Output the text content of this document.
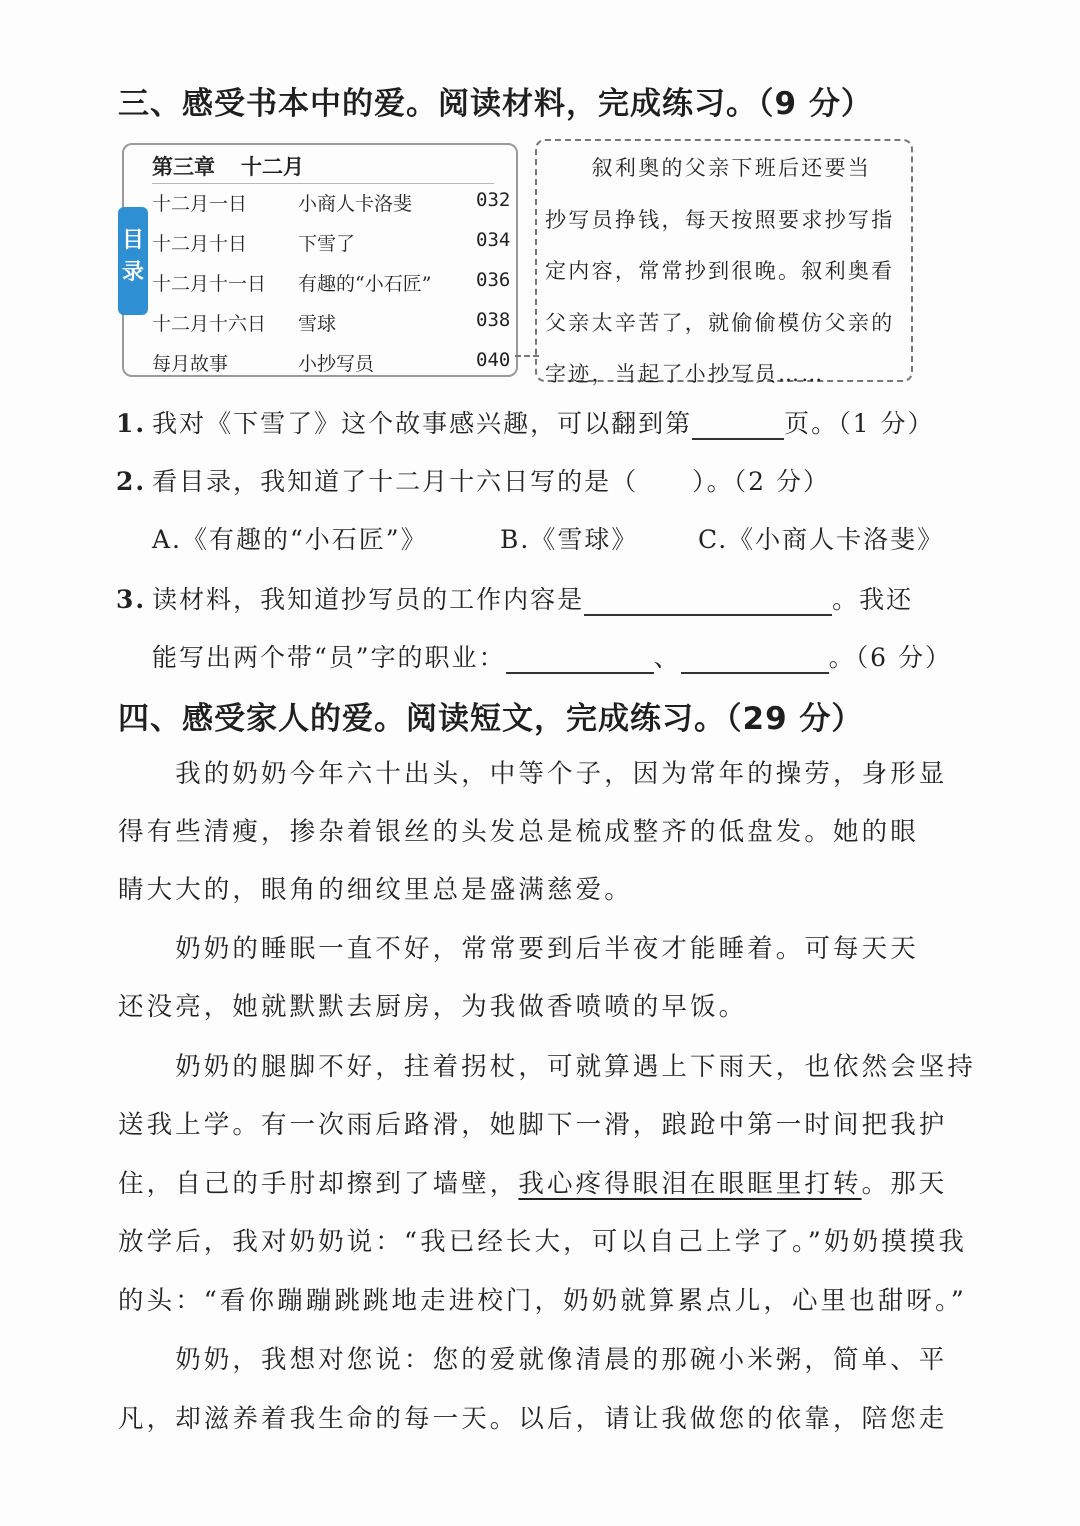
三、感受书本中的爱。阅读材料，完成练习。（9 分）
第三章 十二月
目录
十二月一日	小商人卡洛斐	032
十二月十日	下雪了	034
十二月十一日 有趣的“小石匠” 036
十二月十六日 雪球	038
每月故事	小抄写员	040

　　叙利奥的父亲下班后还要当

抄写员挣钱，每天按照要求抄写指

定内容，常常抄到很晚。叙利奥看

父亲太辛苦了，就偷偷模仿父亲的

字迹，当起了小抄写员……

1. 我对《下雪了》这个故事感兴趣，可以翻到第	页。（1 分）
2. 看目录，我知道了十二月十六日写的是（　　）。（2 分）
A.《有趣的“小石匠”》	B.《雪球》 C.《小商人卡洛斐》
3. 读材料，我知道抄写员的工作内容是	。我还
能写出两个带“员”字的职业：	、	。（6 分）
四、感受家人的爱。阅读短文，完成练习。（29 分）
　　我的奶奶今年六十出头，中等个子，因为常年的操劳，身形显
得有些清瘦，掺杂着银丝的头发总是梳成整齐的低盘发。她的眼
睛大大的，眼角的细纹里总是盛满慈爱。
　　奶奶的睡眠一直不好，常常要到后半夜才能睡着。可每天天
还没亮，她就默默去厨房，为我做香喷喷的早饭。
　　奶奶的腿脚不好，拄着拐杖，可就算遇上下雨天，也依然会坚持
送我上学。有一次雨后路滑，她脚下一滑，踉跄中第一时间把我护
住，自己的手肘却擦到了墙壁，我心疼得眼泪在眼眶里打转。那天
放学后，我对奶奶说：“我已经长大，可以自己上学了。”奶奶摸摸我
的头：“看你蹦蹦跳跳地走进校门，奶奶就算累点儿，心里也甜呀。”
　　奶奶，我想对您说：您的爱就像清晨的那碗小米粥，简单、平
凡，却滋养着我生命的每一天。以后，请让我做您的依靠，陪您走
